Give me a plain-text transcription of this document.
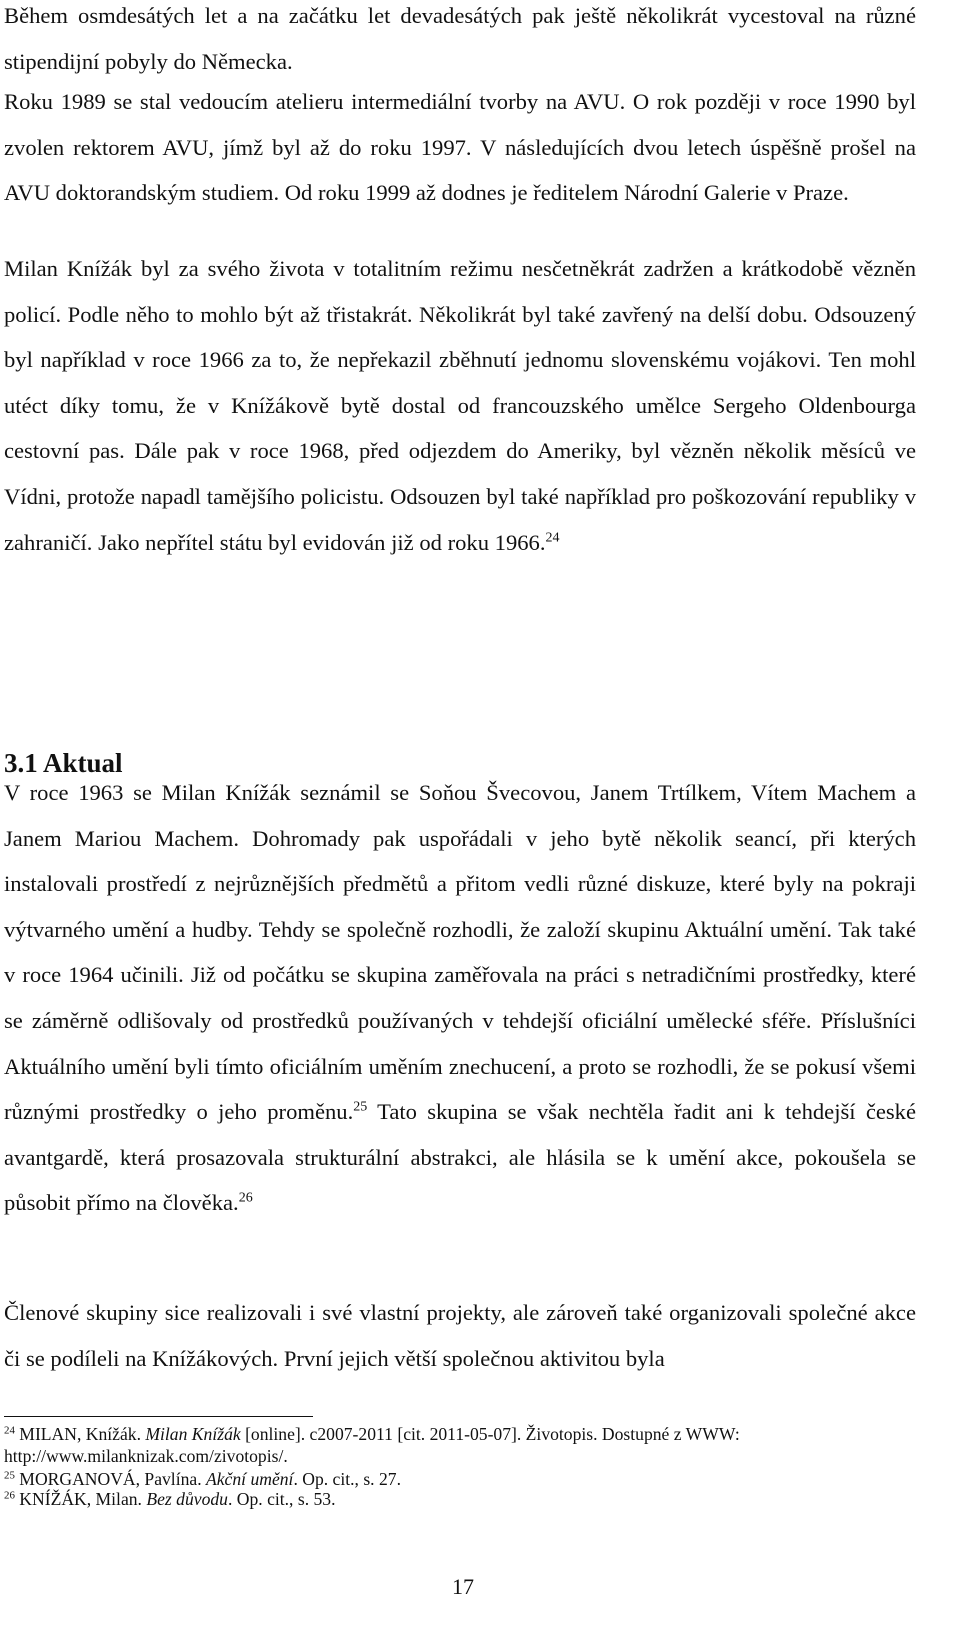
Během osmdesátých let a na začátku let devadesátých pak ještě několikrát vycestoval na různé stipendijní pobyly do Německa.

Roku 1989 se stal vedoucím atelieru intermediální tvorby na AVU. O rok později v roce 1990 byl zvolen rektorem AVU, jímž byl až do roku 1997. V následujících dvou letech úspěšně prošel na AVU doktorandským studiem. Od roku 1999 až dodnes je ředitelem Národní Galerie v Praze.

Milan Knížák byl za svého života v totalitním režimu nesčetněkrát zadržen a krátkodobě vězněn policí. Podle něho to mohlo být až třistakrát. Několikrát byl také zavřený na delší dobu. Odsouzený byl například v roce 1966 za to, že nepřekazil zběhnutí jednomu slovenskému vojákovi. Ten mohl utéct díky tomu, že v Knížákově bytě dostal od francouzského umělce Sergeho Oldenbourga cestovní pas. Dále pak v roce 1968, před odjezdem do Ameriky, byl vězněn několik měsíců ve Vídni, protože napadl tamějšího policistu. Odsouzen byl také například pro poškozování republiky v zahraničí. Jako nepřítel státu byl evidován již od roku 1966.24

3.1 Aktual

V roce 1963 se Milan Knížák seznámil se Soňou Švecovou, Janem Trtílkem, Vítem Machem a Janem Mariou Machem. Dohromady pak uspořádali v jeho bytě několik seancí, při kterých instalovali prostředí z nejrůznějších předmětů a přitom vedli různé diskuze, které byly na pokraji výtvarného umění a hudby. Tehdy se společně rozhodli, že založí skupinu Aktuální umění. Tak také v roce 1964 učinili. Již od počátku se skupina zaměřovala na práci s netradičními prostředky, které se záměrně odlišovaly od prostředků používaných v tehdejší oficiální umělecké sféře. Příslušníci Aktuálního umění byli tímto oficiálním uměním znechucení, a proto se rozhodli, že se pokusí všemi různými prostředky o jeho proměnu.$^{25}$ Tato skupina se však nechtěla řadit ani k tehdejší české avantgardě, která prosazovala strukturální abstrakci, ale hlásila se k umění akce, pokoušela se působit přímo na člověka.$^{26}$

Členové skupiny sice realizovali i své vlastní projekty, ale zároveň také organizovali společné akce či se podíleli na Knížákových. První jejich větší společnou aktivitou byla

$^{24}$ MILAN, Knížák. Milan Knížák [online]. c2007-2011 [cit. 2011-05-07]. Životopis. Dostupné z WWW: http://www.milanknizak.com/zivotopis/.

$^{25}$ MORGANOVÁ, Pavlína. Akční umění. Op. cit., s. 27.

$^{26}$ KNÍŽÁK, Milan. Bez důvodu. Op. cit., s. 53.

17
